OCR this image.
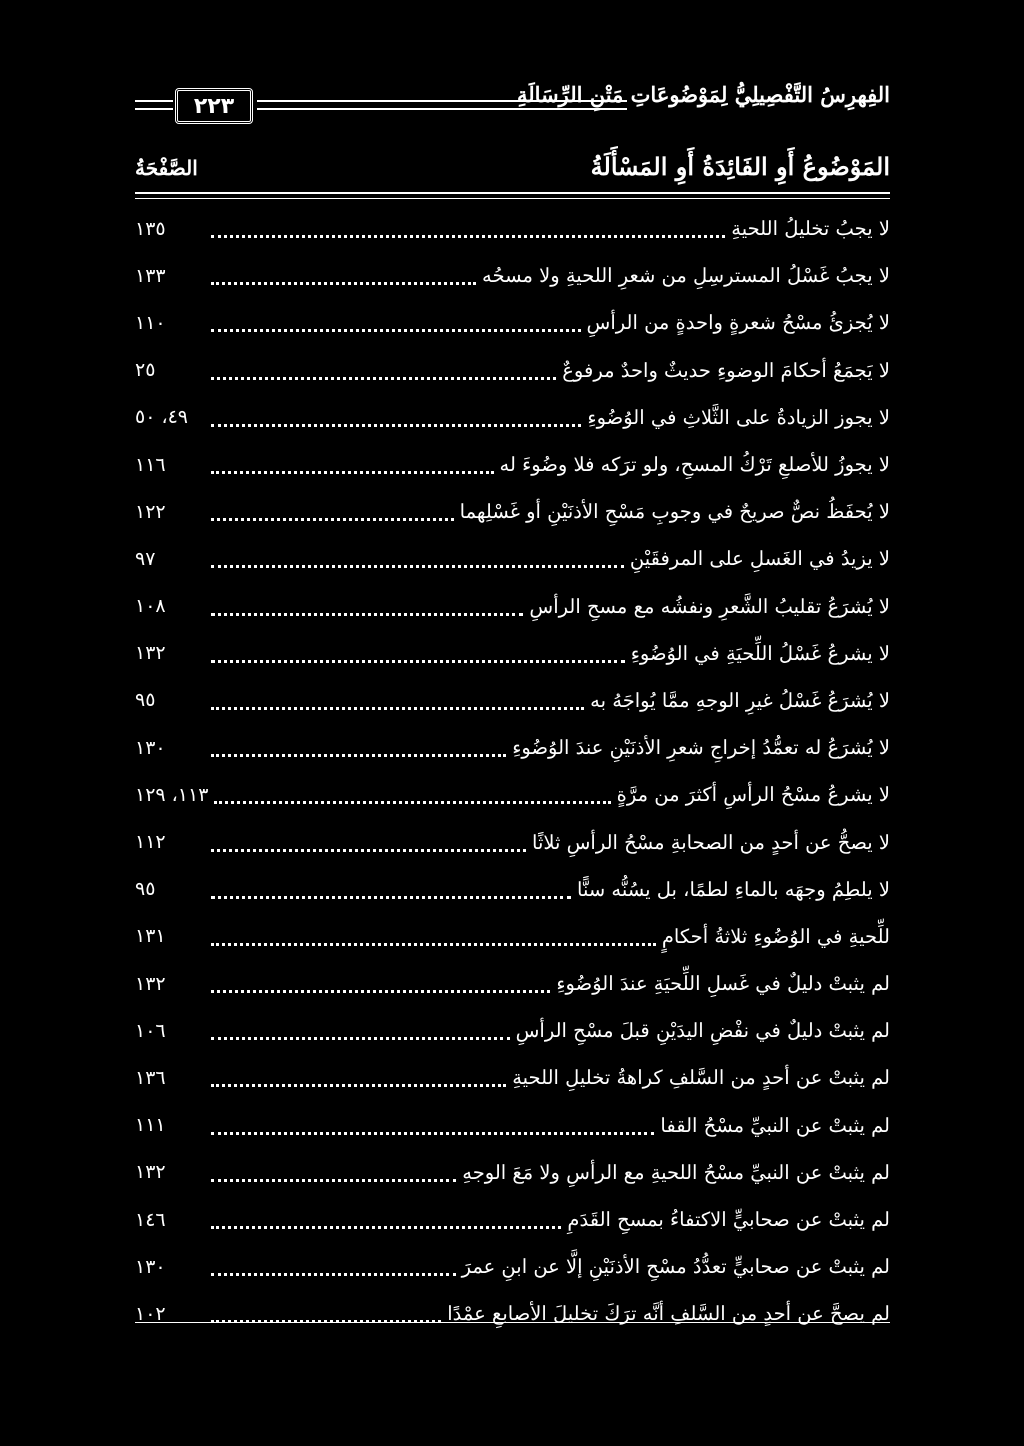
٢٢٣	الفِهرِسُ التَّفْصِيلِيُّ لِمَوْضُوعَاتِ مَتْنِ الرِّسَالَةِ
المَوْضُوعُ أَوِ الفَائِدَةُ أَوِ المَسْأَلَةُ
الصَّفْحَةُ
لا يجبُ تخليلُ اللحيةِ
١٣٥
لا يجبُ غَسْلُ المسترسِلِ من شعرِ اللحيةِ ولا مسحُه
١٣٣
لا يُجزئُ مسْحُ شعرةٍ واحدةٍ من الرأسِ
١١٠
لا يَجمَعُ أحكامَ الوضوءِ حديثٌ واحدٌ مرفوعٌ
٢٥
لا يجوز الزيادةُ على الثَّلاثِ في الوُضُوءِ
٤٩، ٥٠
لا يجوزُ للأصلعِ تَرْكُ المسحِ، ولو ترَكه فلا وضُوءَ له
١١٦
لا يُحفَظُ نصٌّ صريحٌ في وجوبِ مَسْحِ الأذنَيْنِ أو غَسْلِهما
١٢٢
لا يزيدُ في الغَسلِ على المرفقَيْنِ
٩٧
لا يُشرَعُ تقليبُ الشَّعرِ ونفشُه مع مسحِ الرأسِ
١٠٨
لا يشرعُ غَسْلُ اللِّحيَةِ في الوُضُوءِ
١٣٢
لا يُشرَعُ غَسْلُ غيرِ الوجهِ ممَّا يُواجَهُ به
٩٥
لا يُشرَعُ له تعمُّدُ إخراجِ شعرِ الأذنَيْنِ عندَ الوُضُوءِ
١٣٠
لا يشرعُ مسْحُ الرأسِ أكثرَ من مرَّةٍ
١١٣، ١٢٩
لا يصحُّ عن أحدٍ من الصحابةِ مسْحُ الرأسِ ثلاثًا
١١٢
لا يلطِمُ وجهَه بالماءِ لطمًا، بل يسُنُّه سنًّا
٩٥
للِّحيةِ في الوُضُوءِ ثلاثةُ أحكامٍ
١٣١
لم يثبتْ دليلٌ في غَسلِ اللِّحيَةِ عندَ الوُضُوءِ
١٣٢
لم يثبتْ دليلٌ في نفْضِ اليدَيْنِ قبلَ مسْحِ الرأسِ
١٠٦
لم يثبتْ عن أحدٍ من السَّلفِ كراهةُ تخليلِ اللحيةِ
١٣٦
لم يثبتْ عن النبيِّ مسْحُ القفا
١١١
لم يثبتْ عن النبيِّ مسْحُ اللحيةِ مع الرأسِ ولا مَعَ الوجهِ
١٣٢
لم يثبتْ عن صحابيٍّ الاكتفاءُ بمسحِ القَدَمِ
١٤٦
لم يثبتْ عن صحابيٍّ تعدُّدُ مسْحِ الأذنَيْنِ إلَّا عن ابنِ عمرَ
١٣٠
لم يصحَّ عن أحدٍ من السَّلفِ أنَّه ترَكَ تخليلَ الأصابعِ عمْدًا
١٠٢
